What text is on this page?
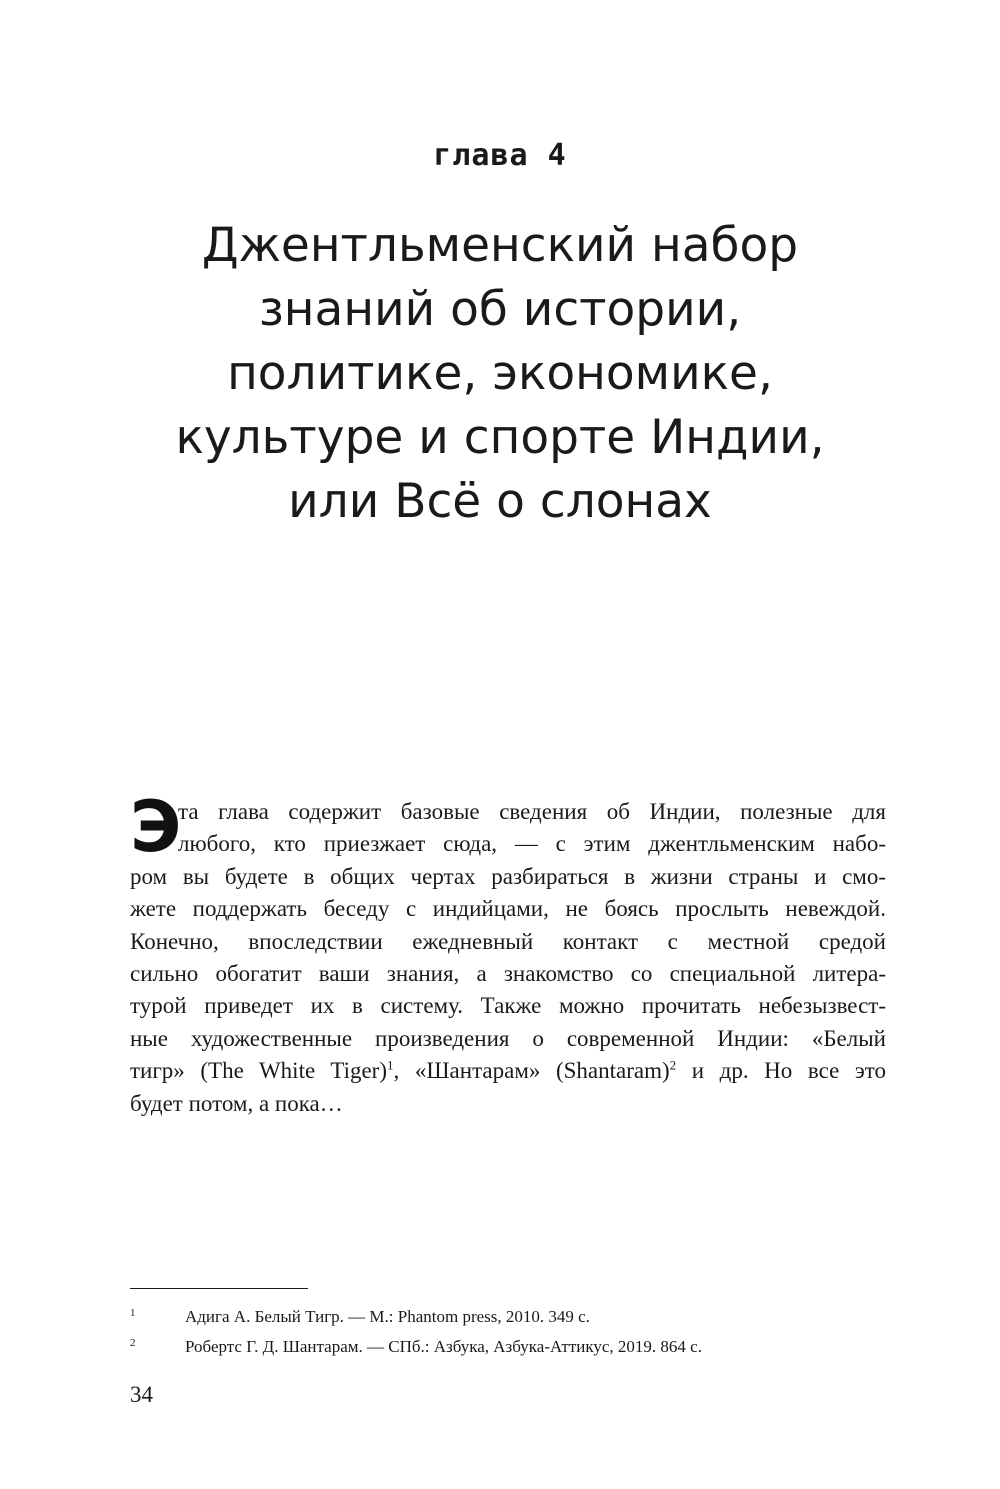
глава 4
Джентльменский набор
знаний об истории,
политике, экономике,
культуре и спорте Индии,
или Всё о слонах
Э
та глава содержит базовые сведения об Индии, полезные для
любого, кто приезжает сюда, — с этим джентльменским набо-
ром вы будете в общих чертах разбираться в жизни страны и смо-
жете поддержать беседу с индийцами, не боясь прослыть невеждой.
Конечно, впоследствии ежедневный контакт с местной средой
сильно обогатит ваши знания, а знакомство со специальной литера-
турой приведет их в систему. Также можно прочитать небезызвест-
ные художественные произведения о современной Индии: «Белый
тигр» (The White Tiger)$^1$, «Шантарам» (Shantaram)$^2$ и др. Но все это
будет потом, а пока…
1	Адига А. Белый Тигр. — М.: Phantom press, 2010. 349 с.
2	Робертс Г. Д. Шантарам. — СПб.: Азбука, Азбука-Аттикус, 2019. 864 с.
34
